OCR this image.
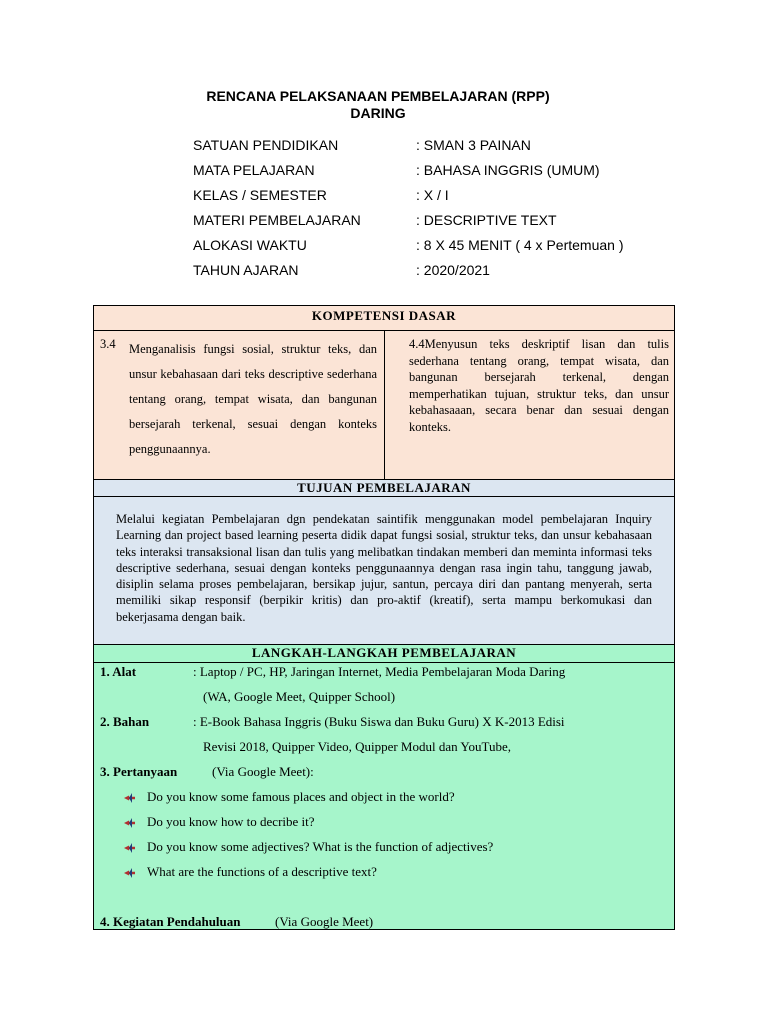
RENCANA PELAKSANAAN PEMBELAJARAN (RPP)
DARING
SATUAN PENDIDIKAN	: SMAN 3 PAINAN
MATA PELAJARAN	: BAHASA INGGRIS (UMUM)
KELAS / SEMESTER	: X / I
MATERI PEMBELAJARAN	: DESCRIPTIVE TEXT
ALOKASI WAKTU	: 8 X 45 MENIT ( 4 x Pertemuan )
TAHUN AJARAN	: 2020/2021
KOMPETENSI DASAR
3.4 Menganalisis fungsi sosial, struktur teks, dan unsur kebahasaan dari teks descriptive sederhana tentang orang, tempat wisata, dan bangunan bersejarah terkenal, sesuai dengan konteks penggunaannya.
4.4Menyusun teks deskriptif lisan dan tulis sederhana tentang orang, tempat wisata, dan bangunan bersejarah terkenal, dengan memperhatikan tujuan, struktur teks, dan unsur kebahasaaan, secara benar dan sesuai dengan konteks.
TUJUAN PEMBELAJARAN
Melalui kegiatan Pembelajaran dgn pendekatan saintifik menggunakan model pembelajaran Inquiry Learning dan project based learning peserta didik dapat fungsi sosial, struktur teks, dan unsur kebahasaan teks interaksi transaksional lisan dan tulis yang melibatkan tindakan memberi dan meminta informasi teks descriptive sederhana, sesuai dengan konteks penggunaannya dengan rasa ingin tahu, tanggung jawab, disiplin selama proses pembelajaran, bersikap jujur, santun, percaya diri dan pantang menyerah, serta memiliki sikap responsif (berpikir kritis) dan pro-aktif (kreatif), serta mampu berkomukasi dan bekerjasama dengan baik.
LANGKAH-LANGKAH PEMBELAJARAN
1. Alat	: Laptop / PC, HP, Jaringan Internet, Media Pembelajaran Moda Daring
(WA, Google Meet, Quipper School)
2. Bahan	: E-Book Bahasa Inggris (Buku Siswa dan Buku Guru) X K-2013 Edisi
Revisi 2018, Quipper Video, Quipper Modul dan YouTube,
3. Pertanyaan	(Via Google Meet):
Do you know some famous places and object in the world?
Do you know how to decribe it?
Do you know some adjectives? What is the function of adjectives?
What are the functions of a descriptive text?
4. Kegiatan Pendahuluan	(Via Google Meet)
